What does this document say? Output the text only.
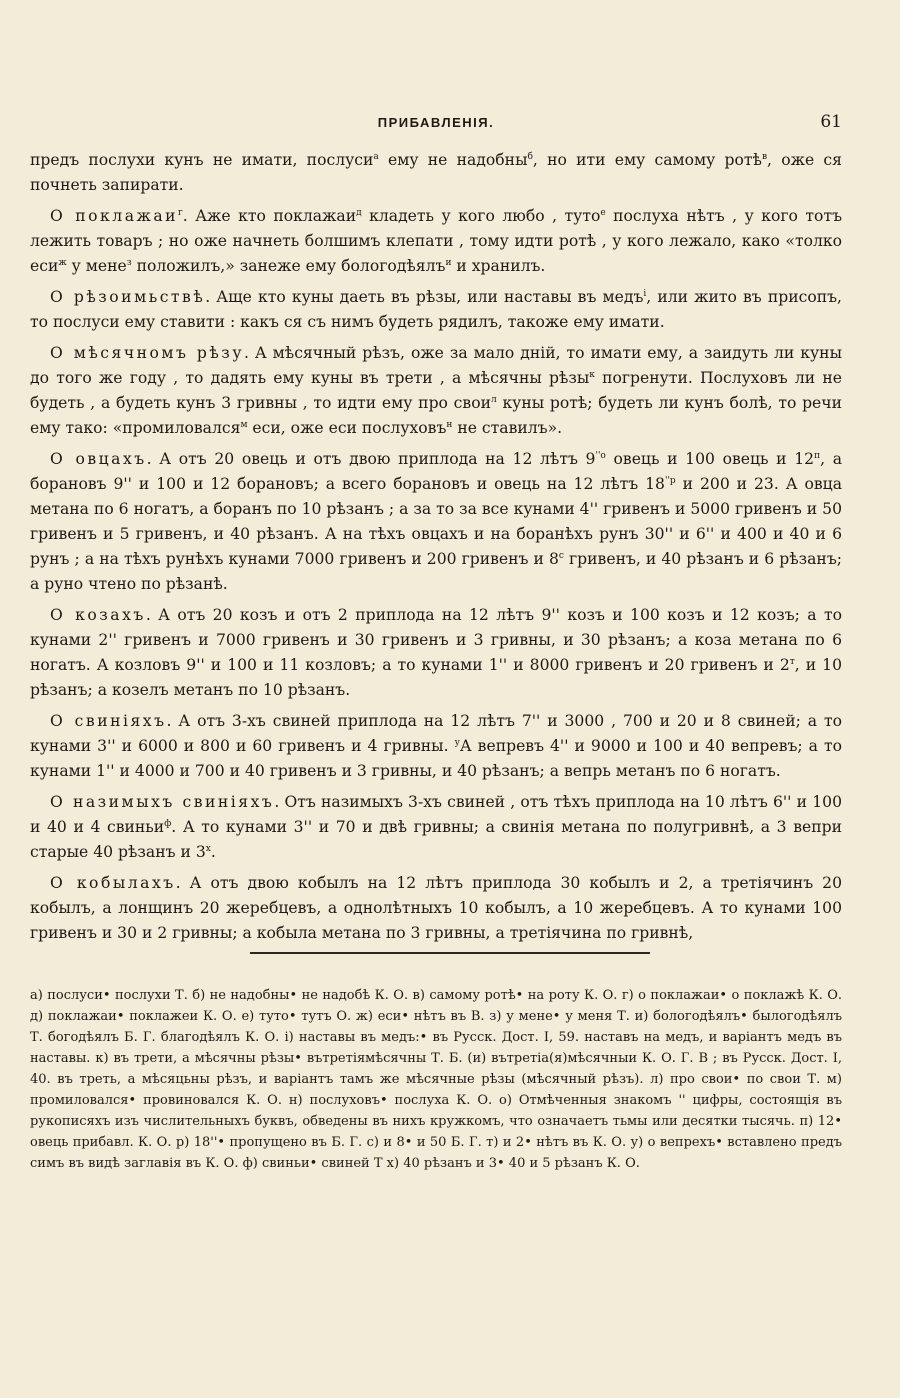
ПРИБАВЛЕНІЯ.	61

предъ послухи кунъ не имати, послуси$^а$ ему не надобны$^б$, но ити ему самому ротѣ$^в$, оже ся почнеть запирати.

О поклажаи$^г$. Аже кто поклажаи$^д$ кладеть у кого любо , туто$^е$ послуха нѣтъ , у кого тотъ лежить товаръ ; но оже начнеть болшимъ клепати , тому идти ротѣ , у кого лежало, како «толко еси$^ж$ у мене$^з$ положилъ,» занеже ему бологодѣялъ$^и$ и хранилъ.

О рѣзоимьствѣ. Аще кто куны даеть въ рѣзы, или наставы въ медъ$^і$, или жито въ присопъ, то послуси ему ставити : какъ ся съ нимъ будеть рядилъ, такоже ему имати.

О мѣсячномъ рѣзу. А мѣсячный рѣзъ, оже за мало днiй, то имати ему, а заидуть ли куны до того же году , то дадять ему куны въ трети , а мѣсячны рѣзы$^к$ погренути. Послуховъ ли не будеть , а будеть кунъ 3 гривны , то идти ему про свои$^л$ куны ротѣ; будеть ли кунъ болѣ, то речи ему тако: «промиловался$^м$ еси, оже еси послуховъ$^н$ не ставилъ».

О овцахъ. А отъ 20 овець и отъ двою приплода на 12 лѣтъ $9^{''о}$ овець и 100 овець и $12^п$, а борановъ 9'' и 100 и 12 борановъ; а всего борановъ и овець на 12 лѣтъ $18^{''р}$ и 200 и 23. А овца метана по 6 ногатъ, а боранъ по 10 рѣзанъ ; а за то за все кунами 4'' гривенъ и 5000 гривенъ и 50 гривенъ и 5 гривенъ, и 40 рѣзанъ. А на тѣхъ овцахъ и на боранѣхъ рунъ 30'' и 6'' и 400 и 40 и 6 рунъ ; а на тѣхъ рунѣхъ кунами 7000 гривенъ и 200 гривенъ и $8^с$ гривенъ, и 40 рѣзанъ и 6 рѣзанъ; а руно чтено по рѣзанѣ.

О козахъ. А отъ 20 козъ и отъ 2 приплода на 12 лѣтъ 9'' козъ и 100 козъ и 12 козъ; а то кунами 2'' гривенъ и 7000 гривенъ и 30 гривенъ и 3 гривны, и 30 рѣзанъ; а коза метана по 6 ногатъ. А козловъ 9'' и 100 и 11 козловъ; а то кунами 1'' и 8000 гривенъ и 20 гривенъ и $2^т$, и 10 рѣзанъ; а козелъ метанъ по 10 рѣзанъ.

О свиніяхъ. А отъ 3-хъ свиней приплода на 12 лѣтъ 7'' и 3000 , 700 и 20 и 8 свиней; а то кунами 3'' и 6000 и 800 и 60 гривенъ и 4 гривны. $^у$А вепревъ 4'' и 9000 и 100 и 40 вепревъ; а то кунами 1'' и 4000 и 700 и 40 гривенъ и 3 гривны, и 40 рѣзанъ; а вепрь метанъ по 6 ногатъ.

О назимыхъ свиніяхъ. Отъ назимыхъ 3-хъ свиней , отъ тѣхъ приплода на 10 лѣтъ 6'' и 100 и 40 и 4 свиньи$^ф$. А то кунами 3'' и 70 и двѣ гривны; а свинія метана по полугривнѣ, а 3 вепри старые 40 рѣзанъ и $3^х$.

О кобылахъ. А отъ двою кобылъ на 12 лѣтъ приплода 30 кобылъ и 2, а третіячинъ 20 кобылъ, а лонщинъ 20 жеребцевъ, а однолѣтныхъ 10 кобылъ, а 10 жеребцевъ. А то кунами 100 гривенъ и 30 и 2 гривны; а кобыла метана по 3 гривны, а третіячина по гривнѣ,

а) послуси• послухи Т. б) не надобны• не надобѣ К. О. в) самому ротѣ• на роту К. О. г) о поклажаи• о поклажѣ К. О. д) поклажаи• поклажеи К. О. е) туто• тутъ О. ж) еси• нѣтъ въ В. з) у мене• у меня Т. и) бологодѣялъ• былогодѣялъ Т. богодѣялъ Б. Г. благодѣялъ К. О. і) наставы въ медъ:• въ Русск. Дост. I, 59. наставъ на медъ, и варіантъ медъ въ наставы. к) въ трети, а мѣсячны рѣзы• вътретіямѣсячны Т. Б. (и) вътретіа(я)мѣсячныи К. О. Г. В ; въ Русск. Дост. I, 40. въ треть, а мѣсяцьны рѣзъ, и варіантъ тамъ же мѣсячные рѣзы (мѣсячный рѣзъ). л) про свои• по свои Т. м) промиловался• провиновался К. О. н) послуховъ• послуха К. О. о) Отмѣченныя знакомъ '' цифры, состоящія въ рукописяхъ изъ числительныхъ буквъ, обведены въ нихъ кружкомъ, что означаетъ тьмы или десятки тысячь. п) 12• овець прибавл. К. О. р) 18''• пропущено въ Б. Г. с) и 8• и 50 Б. Г. т) и 2• нѣтъ въ К. О. у) о вепрехъ• вставлено предъ симъ въ видѣ заглавія въ К. О. ф) свиньи• свиней Т х) 40 рѣзанъ и 3• 40 и 5 рѣзанъ К. О.
